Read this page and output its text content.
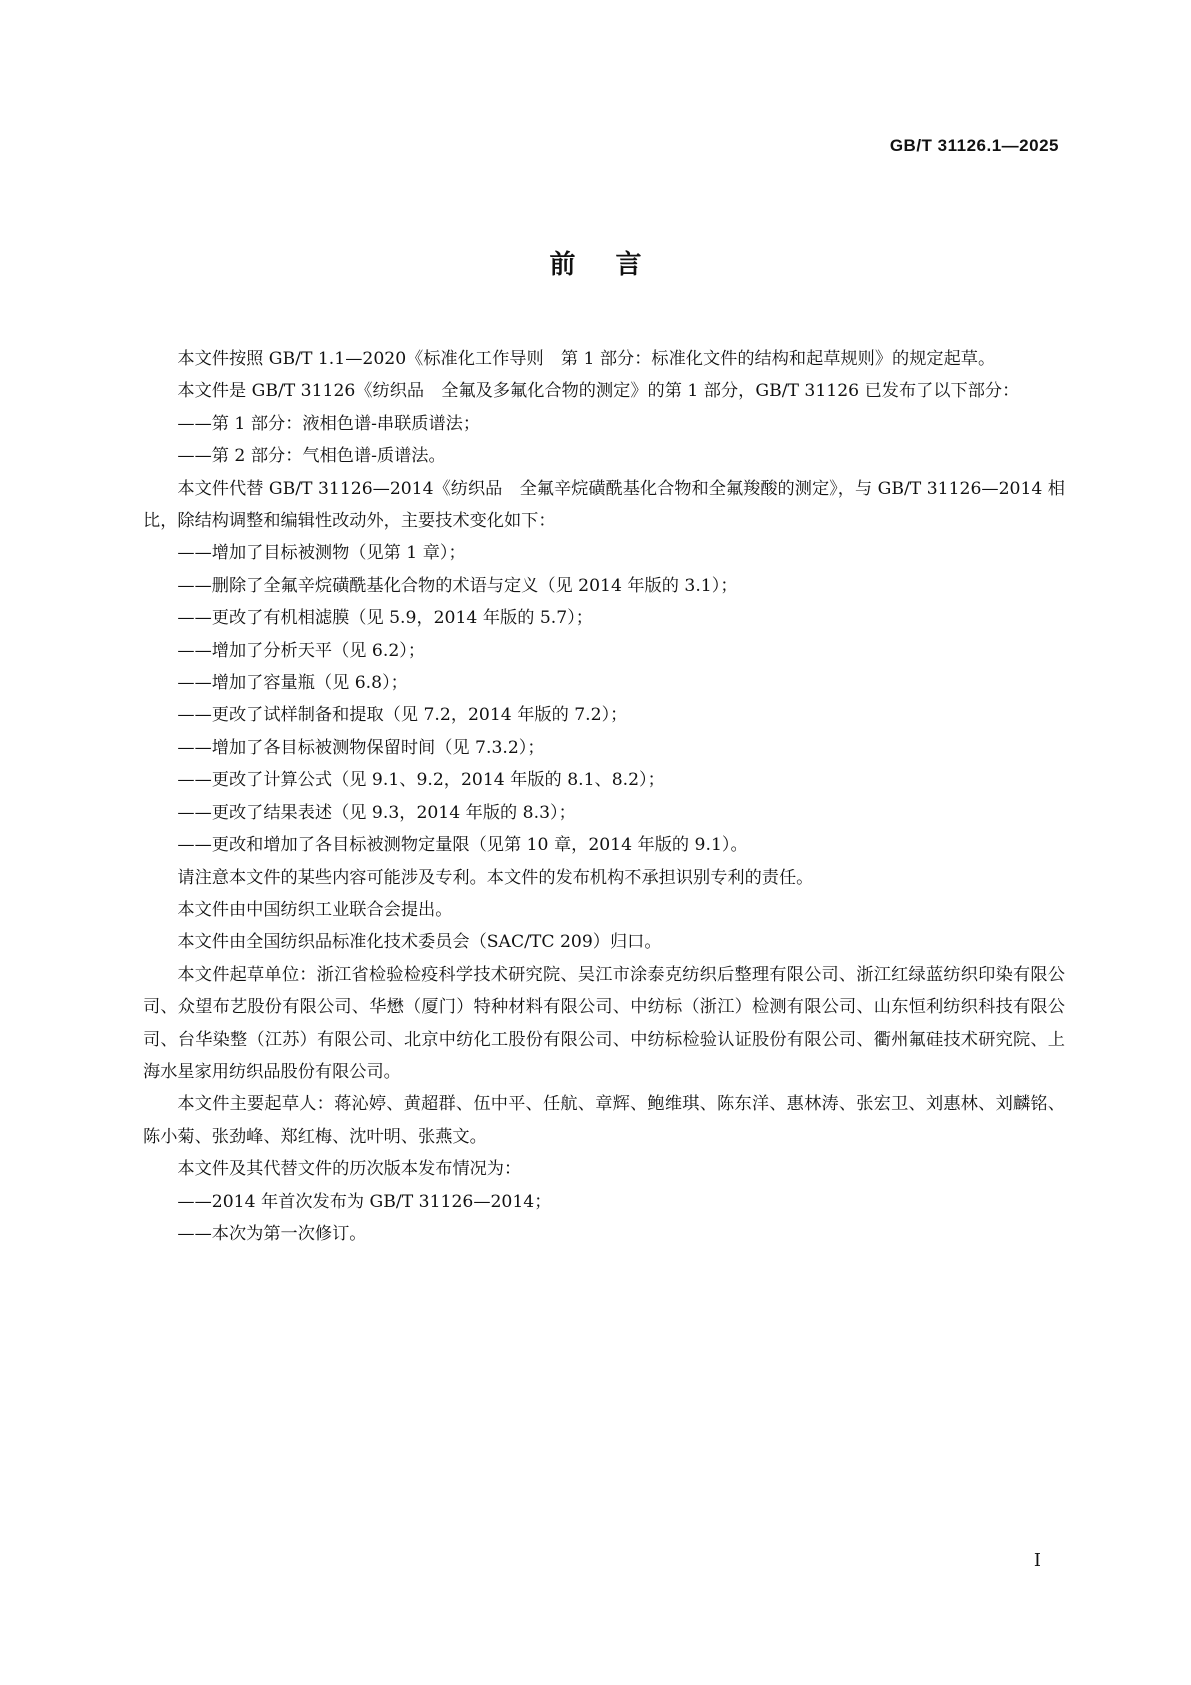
GB/T 31126.1—2025
前言

本文件按照 GB/T 1.1—2020《标准化工作导则　第 1 部分：标准化文件的结构和起草规则》的规定起草。

本文件是 GB/T 31126《纺织品　全氟及多氟化合物的测定》的第 1 部分，GB/T 31126 已发布了以下部分：

——第 1 部分：液相色谱-串联质谱法；

——第 2 部分：气相色谱-质谱法。

本文件代替 GB/T 31126—2014《纺织品　全氟辛烷磺酰基化合物和全氟羧酸的测定》，与 GB/T 31126—2014 相比，除结构调整和编辑性改动外，主要技术变化如下：

——增加了目标被测物（见第 1 章）；

——删除了全氟辛烷磺酰基化合物的术语与定义（见 2014 年版的 3.1）；

——更改了有机相滤膜（见 5.9，2014 年版的 5.7）；

——增加了分析天平（见 6.2）；

——增加了容量瓶（见 6.8）；

——更改了试样制备和提取（见 7.2，2014 年版的 7.2）；

——增加了各目标被测物保留时间（见 7.3.2）；

——更改了计算公式（见 9.1、9.2，2014 年版的 8.1、8.2）；

——更改了结果表述（见 9.3，2014 年版的 8.3）；

——更改和增加了各目标被测物定量限（见第 10 章，2014 年版的 9.1）。

请注意本文件的某些内容可能涉及专利。本文件的发布机构不承担识别专利的责任。

本文件由中国纺织工业联合会提出。

本文件由全国纺织品标准化技术委员会（SAC/TC 209）归口。

本文件起草单位：浙江省检验检疫科学技术研究院、吴江市涂泰克纺织后整理有限公司、浙江红绿蓝纺织印染有限公司、众望布艺股份有限公司、华懋（厦门）特种材料有限公司、中纺标（浙江）检测有限公司、山东恒利纺织科技有限公司、台华染整（江苏）有限公司、北京中纺化工股份有限公司、中纺标检验认证股份有限公司、衢州氟硅技术研究院、上海水星家用纺织品股份有限公司。

本文件主要起草人：蒋沁婷、黄超群、伍中平、任航、章辉、鲍维琪、陈东洋、惠林涛、张宏卫、刘惠林、刘麟铭、陈小菊、张劲峰、郑红梅、沈叶明、张燕文。

本文件及其代替文件的历次版本发布情况为：

——2014 年首次发布为 GB/T 31126—2014；

——本次为第一次修订。

I
